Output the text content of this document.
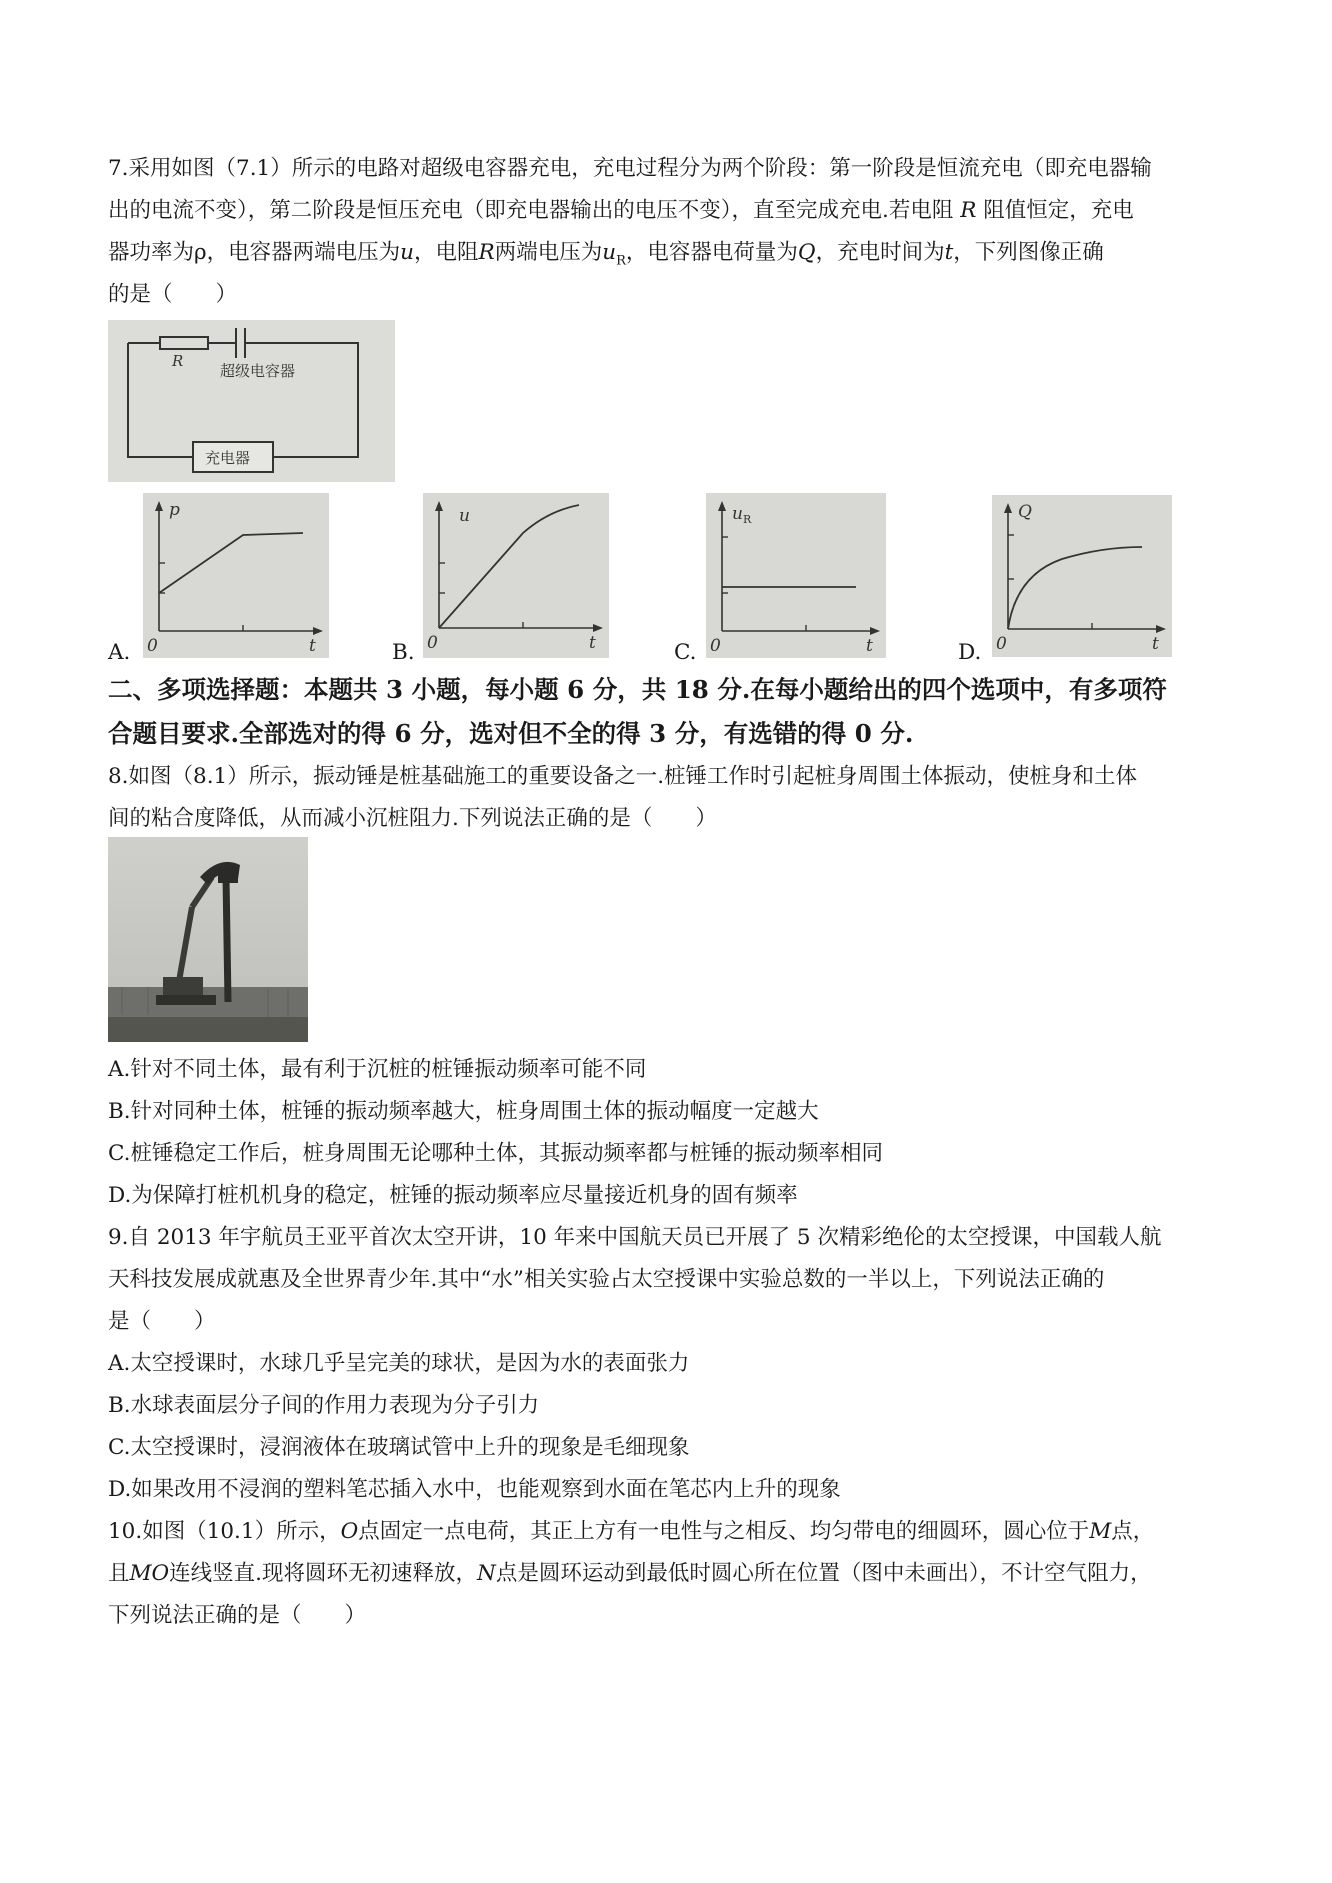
7.采用如图（7.1）所示的电路对超级电容器充电，充电过程分为两个阶段：第一阶段是恒流充电（即充电器输
出的电流不变），第二阶段是恒压充电（即充电器输出的电压不变），直至完成充电.若电阻 R 阻值恒定，充电
器功率为ρ，电容器两端电压为u，电阻R两端电压为$u_R$，电容器电荷量为Q，充电时间为t，下列图像正确
的是（　　）
R
超级电容器
充电器
A.
p
t
0	B.
u
t
0	C.
$u_R$
t
0	D.
Q
t
0
二、多项选择题：本题共 3 小题，每小题 6 分，共 18 分.在每小题给出的四个选项中，有多项符
合题目要求.全部选对的得 6 分，选对但不全的得 3 分，有选错的得 0 分.
8.如图（8.1）所示，振动锤是桩基础施工的重要设备之一.桩锤工作时引起桩身周围土体振动，使桩身和土体
间的粘合度降低，从而减小沉桩阻力.下列说法正确的是（　　）
A.针对不同土体，最有利于沉桩的桩锤振动频率可能不同
B.针对同种土体，桩锤的振动频率越大，桩身周围土体的振动幅度一定越大
C.桩锤稳定工作后，桩身周围无论哪种土体，其振动频率都与桩锤的振动频率相同
D.为保障打桩机机身的稳定，桩锤的振动频率应尽量接近机身的固有频率
9.自 2013 年宇航员王亚平首次太空开讲，10 年来中国航天员已开展了 5 次精彩绝伦的太空授课，中国载人航
天科技发展成就惠及全世界青少年.其中“水”相关实验占太空授课中实验总数的一半以上，下列说法正确的
是（　　）
A.太空授课时，水球几乎呈完美的球状，是因为水的表面张力
B.水球表面层分子间的作用力表现为分子引力
C.太空授课时，浸润液体在玻璃试管中上升的现象是毛细现象
D.如果改用不浸润的塑料笔芯插入水中，也能观察到水面在笔芯内上升的现象
10.如图（10.1）所示，O点固定一点电荷，其正上方有一电性与之相反、均匀带电的细圆环，圆心位于M点，
且MO连线竖直.现将圆环无初速释放，N点是圆环运动到最低时圆心所在位置（图中未画出），不计空气阻力，
下列说法正确的是（　　）
